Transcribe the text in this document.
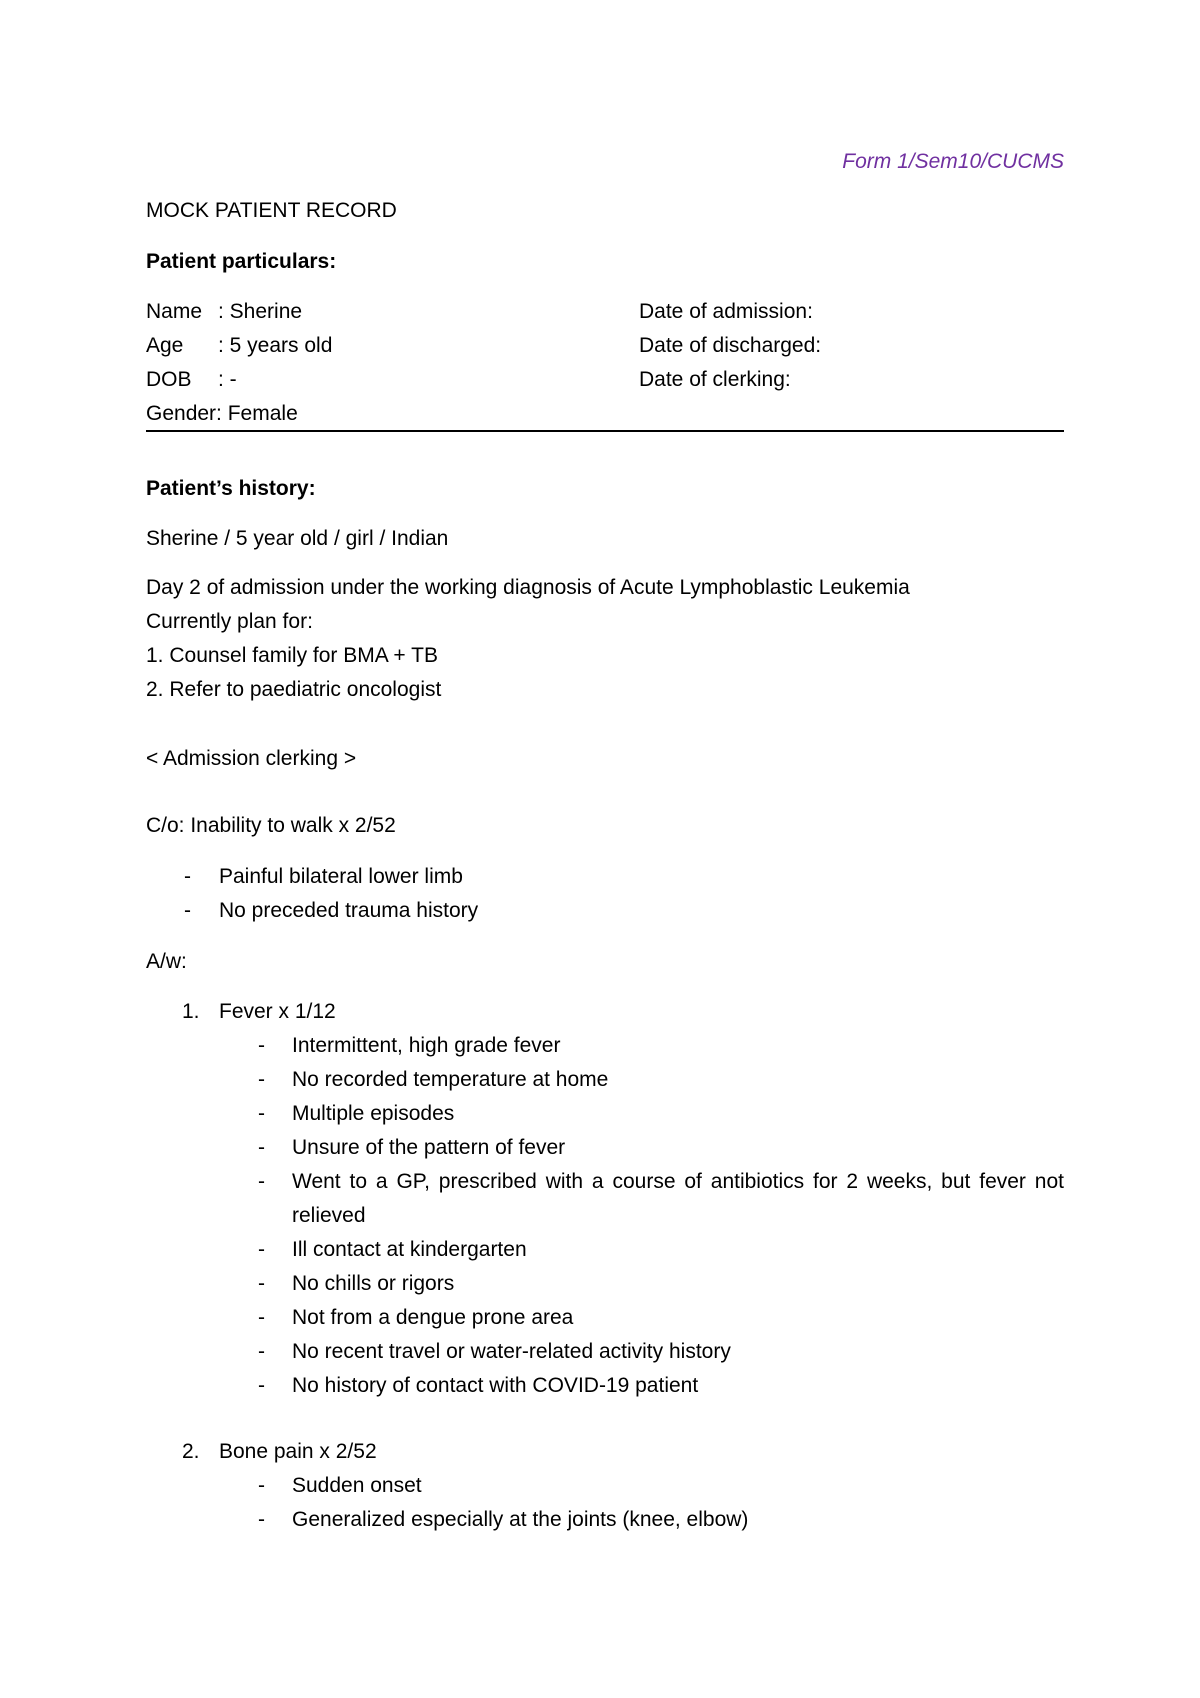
Form 1/Sem10/CUCMS
MOCK PATIENT RECORD
Patient particulars:
Name : Sherine	Date of admission:
Age : 5 years old	Date of discharged:
DOB : -	Date of clerking:
Gender: Female
Patient’s history:
Sherine / 5 year old / girl / Indian
Day 2 of admission under the working diagnosis of Acute Lymphoblastic Leukemia
Currently plan for:
1. Counsel family for BMA + TB
2. Refer to paediatric oncologist
< Admission clerking >
C/o: Inability to walk x 2/52
- Painful bilateral lower limb
- No preceded trauma history
A/w:
1. Fever x 1/12
- Intermittent, high grade fever
- No recorded temperature at home
- Multiple episodes
- Unsure of the pattern of fever
- Went to a GP, prescribed with a course of antibiotics for 2 weeks, but fever not relieved
- Ill contact at kindergarten
- No chills or rigors
- Not from a dengue prone area
- No recent travel or water-related activity history
- No history of contact with COVID-19 patient
2. Bone pain x 2/52
- Sudden onset
- Generalized especially at the joints (knee, elbow)
